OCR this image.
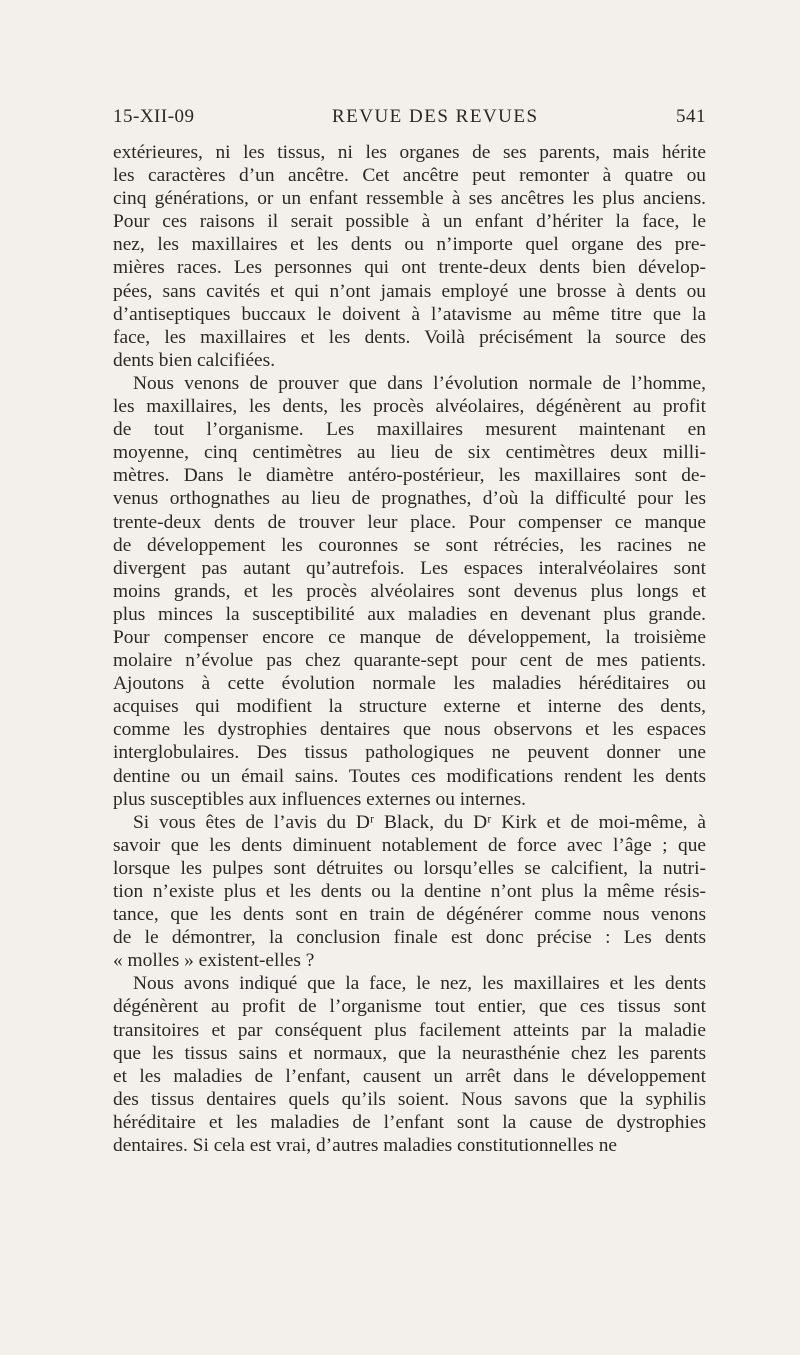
15-XII-09	REVUE DES REVUES	541

extérieures, ni les tissus, ni les organes de ses parents, mais hérite
les caractères d’un ancêtre. Cet ancêtre peut remonter à quatre ou
cinq générations, or un enfant ressemble à ses ancêtres les plus anciens.
Pour ces raisons il serait possible à un enfant d’hériter la face, le
nez, les maxillaires et les dents ou n’importe quel organe des pre-
mières races. Les personnes qui ont trente-deux dents bien dévelop-
pées, sans cavités et qui n’ont jamais employé une brosse à dents ou
d’antiseptiques buccaux le doivent à l’atavisme au même titre que la
face, les maxillaires et les dents. Voilà précisément la source des
dents bien calcifiées.

Nous venons de prouver que dans l’évolution normale de l’homme,
les maxillaires, les dents, les procès alvéolaires, dégénèrent au profit
de tout l’organisme. Les maxillaires mesurent maintenant en
moyenne, cinq centimètres au lieu de six centimètres deux milli-
mètres. Dans le diamètre antéro-postérieur, les maxillaires sont de-
venus orthognathes au lieu de prognathes, d’où la difficulté pour les
trente-deux dents de trouver leur place. Pour compenser ce manque
de développement les couronnes se sont rétrécies, les racines ne
divergent pas autant qu’autrefois. Les espaces interalvéolaires sont
moins grands, et les procès alvéolaires sont devenus plus longs et
plus minces la susceptibilité aux maladies en devenant plus grande.
Pour compenser encore ce manque de développement, la troisième
molaire n’évolue pas chez quarante-sept pour cent de mes patients.
Ajoutons à cette évolution normale les maladies héréditaires ou
acquises qui modifient la structure externe et interne des dents,
comme les dystrophies dentaires que nous observons et les espaces
interglobulaires. Des tissus pathologiques ne peuvent donner une
dentine ou un émail sains. Toutes ces modifications rendent les dents
plus susceptibles aux influences externes ou internes.

Si vous êtes de l’avis du Dʳ Black, du Dʳ Kirk et de moi-même, à
savoir que les dents diminuent notablement de force avec l’âge ; que
lorsque les pulpes sont détruites ou lorsqu’elles se calcifient, la nutri-
tion n’existe plus et les dents ou la dentine n’ont plus la même résis-
tance, que les dents sont en train de dégénérer comme nous venons
de le démontrer, la conclusion finale est donc précise : Les dents
« molles » existent-elles ?

Nous avons indiqué que la face, le nez, les maxillaires et les dents
dégénèrent au profit de l’organisme tout entier, que ces tissus sont
transitoires et par conséquent plus facilement atteints par la maladie
que les tissus sains et normaux, que la neurasthénie chez les parents
et les maladies de l’enfant, causent un arrêt dans le développement
des tissus dentaires quels qu’ils soient. Nous savons que la syphilis
héréditaire et les maladies de l’enfant sont la cause de dystrophies
dentaires. Si cela est vrai, d’autres maladies constitutionnelles ne
